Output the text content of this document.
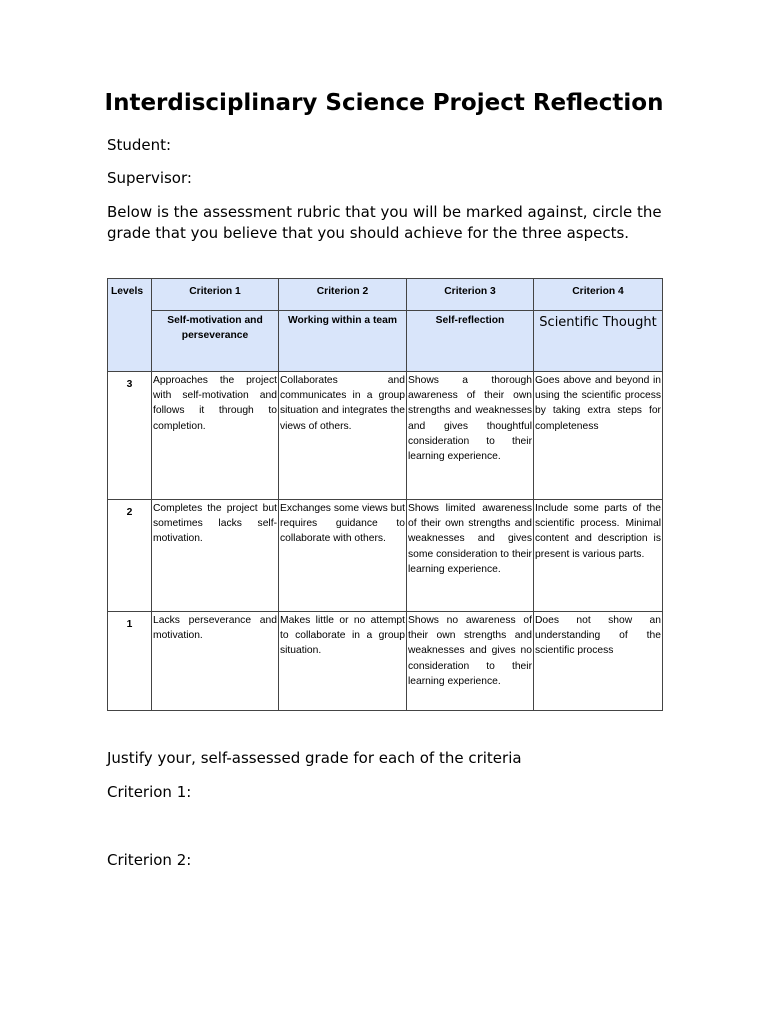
Interdisciplinary Science Project Reflection
Student:
Supervisor:
Below is the assessment rubric that you will be marked against, circle the grade that you believe that you should achieve for the three aspects.
Levels	Criterion 1	Criterion 2	Criterion 3	Criterion 4
	Self-motivation and perseverance	Working within a team	Self-reflection	Scientific Thought
3	Approaches the project with self-motivation and follows it through to completion.	Collaborates and communicates in a group situation and integrates the views of others.	Shows a thorough awareness of their own strengths and weaknesses and gives thoughtful consideration to their learning experience.	Goes above and beyond in using the scientific process by taking extra steps for completeness
2	Completes the project but sometimes lacks self-motivation.	Exchanges some views but requires guidance to collaborate with others.	Shows limited awareness of their own strengths and weaknesses and gives some consideration to their learning experience.	Include some parts of the scientific process. Minimal content and description is present is various parts.
1	Lacks perseverance and motivation.	Makes little or no attempt to collaborate in a group situation.	Shows no awareness of their own strengths and weaknesses and gives no consideration to their learning experience.	Does not show an understanding of the scientific process
Justify your, self-assessed grade for each of the criteria
Criterion 1:
Criterion 2:
